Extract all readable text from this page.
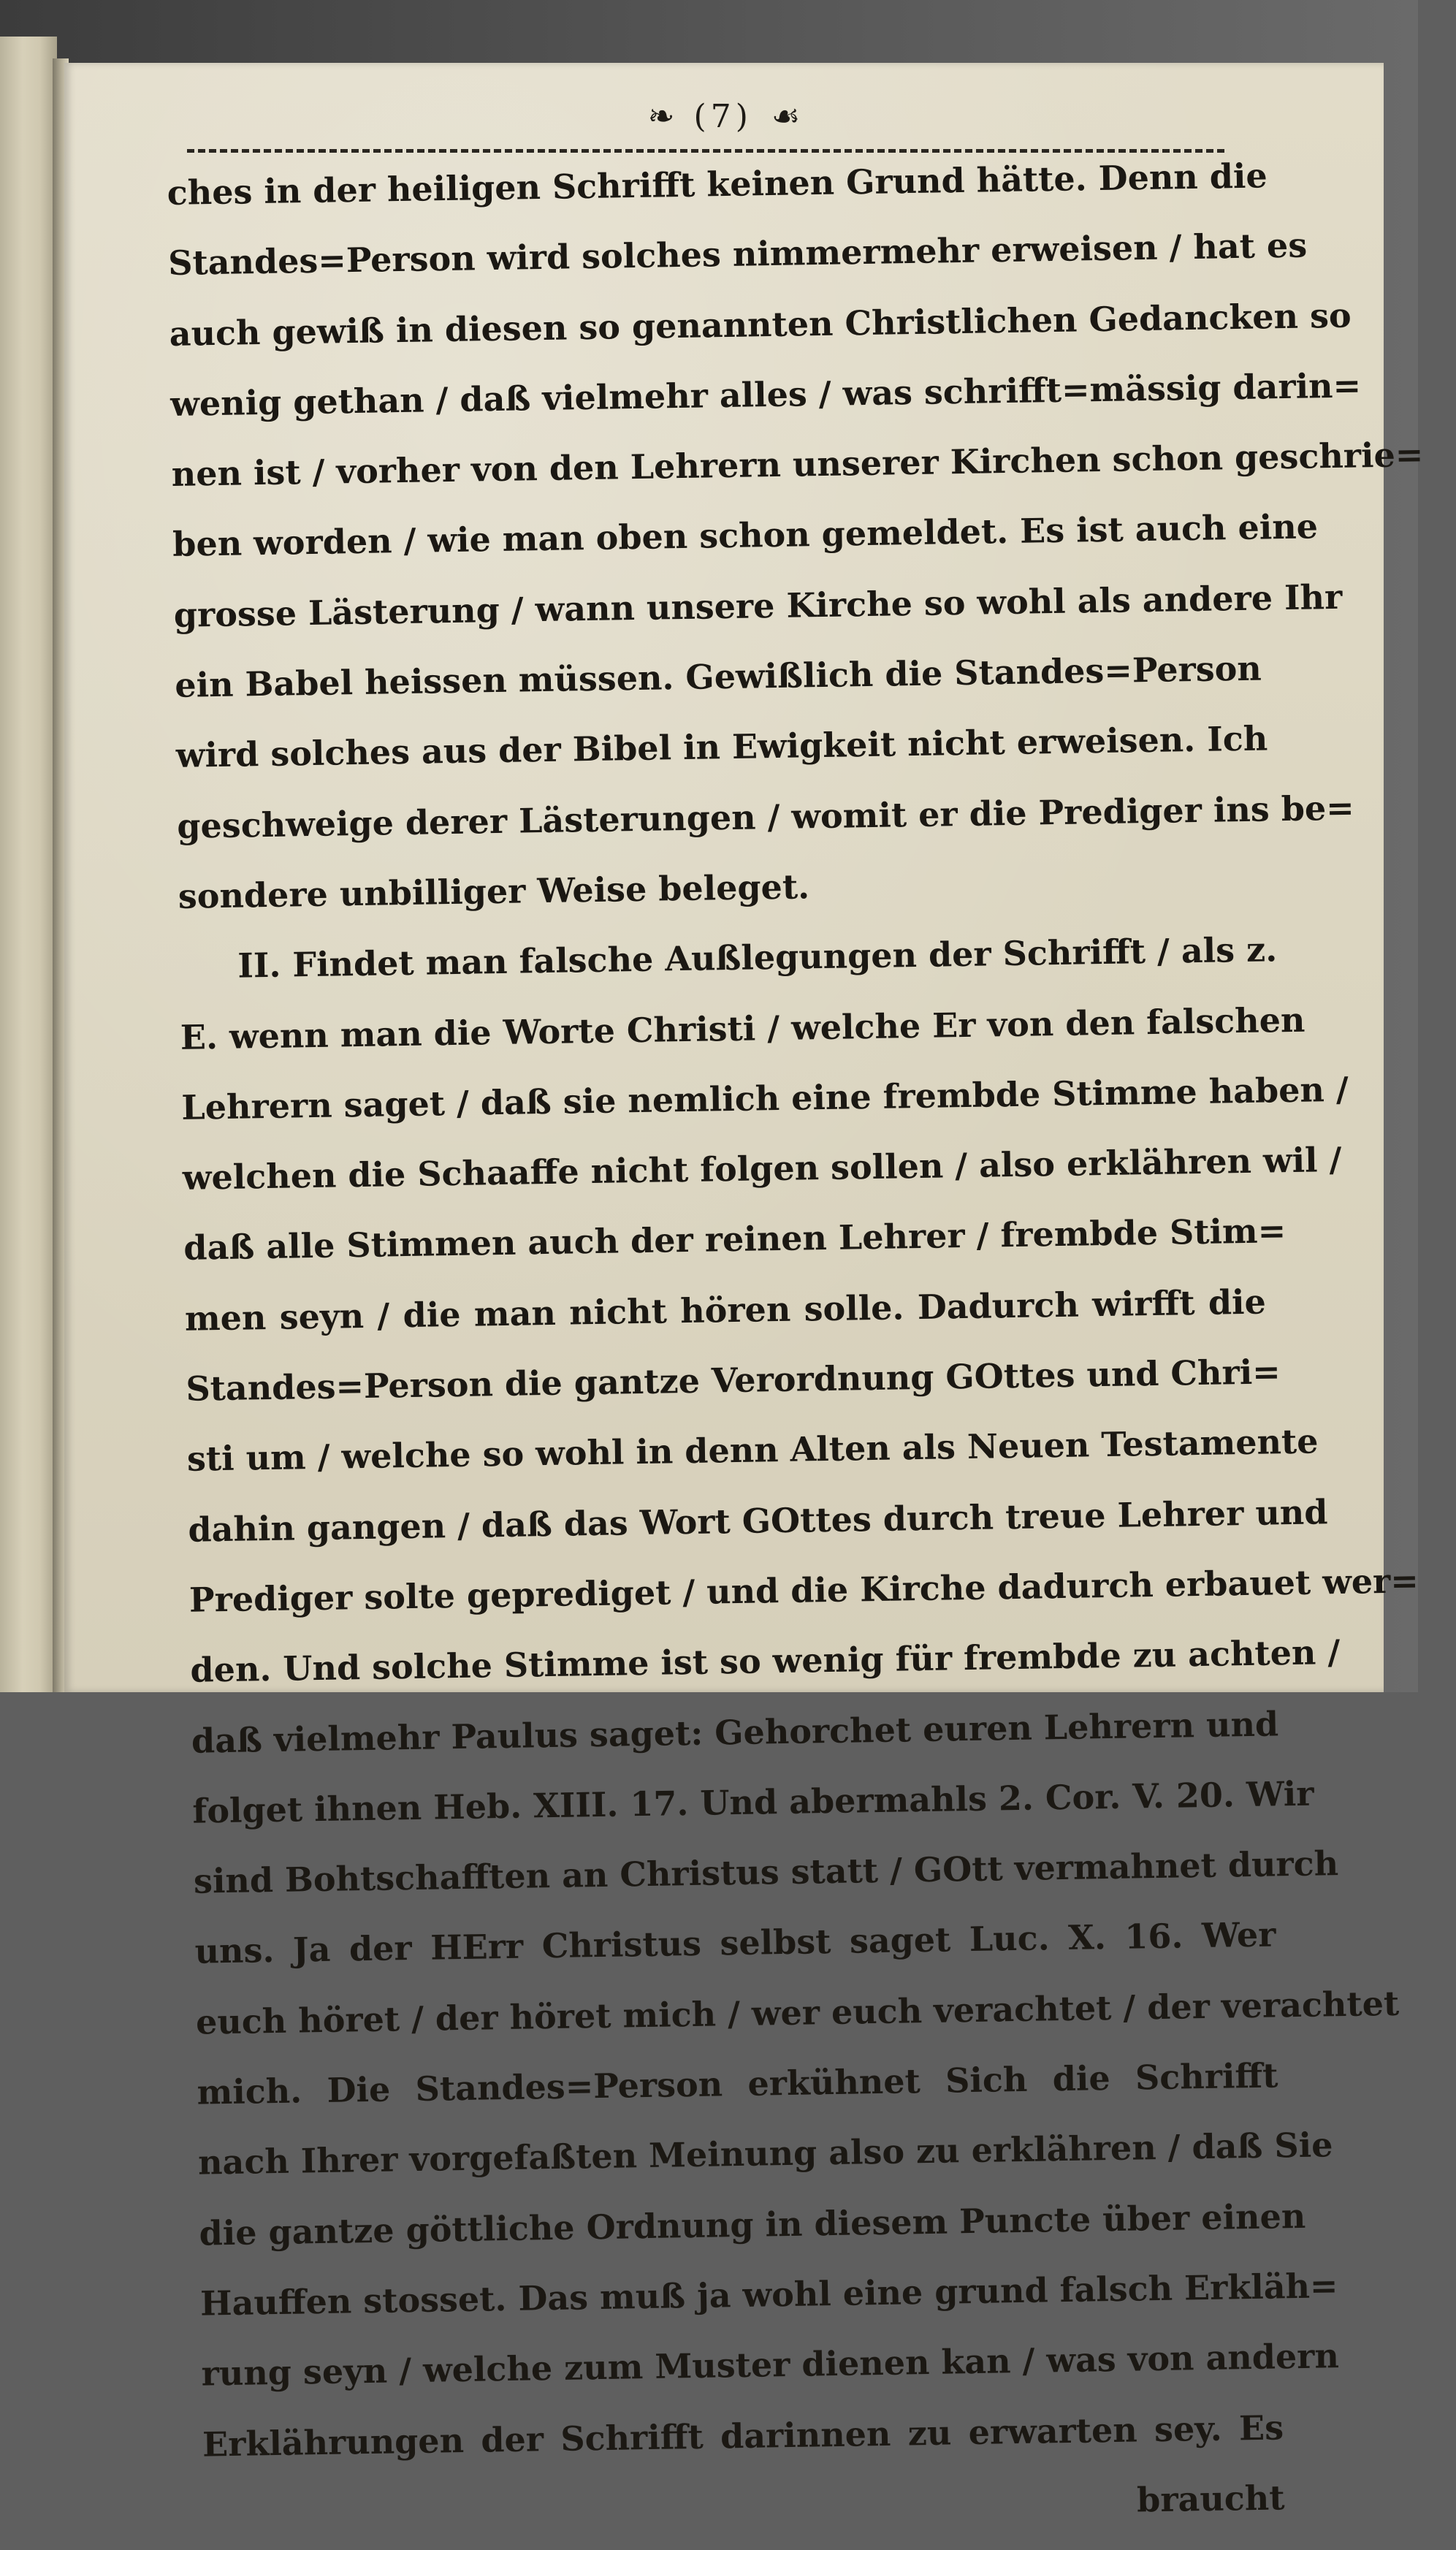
❧ (7) ☙
ches in der heiligen Schrifft keinen Grund hätte. Denn die
Standes=Person wird solches nimmermehr erweisen / hat es
auch gewiß in diesen so genannten Christlichen Gedancken so
wenig gethan / daß vielmehr alles / was schrifft=mässig darin=
nen ist / vorher von den Lehrern unserer Kirchen schon geschrie=
ben worden / wie man oben schon gemeldet. Es ist auch eine
grosse Lästerung / wann unsere Kirche so wohl als andere Ihr
ein Babel heissen müssen. Gewißlich die Standes=Person
wird solches aus der Bibel in Ewigkeit nicht erweisen. Ich
geschweige derer Lästerungen / womit er die Prediger ins be=
sondere unbilliger Weise beleget.
II. Findet man falsche Außlegungen der Schrifft / als z.
E. wenn man die Worte Christi / welche Er von den falschen
Lehrern saget / daß sie nemlich eine frembde Stimme haben /
welchen die Schaaffe nicht folgen sollen / also erklähren wil /
daß alle Stimmen auch der reinen Lehrer / frembde Stim=
men seyn / die man nicht hören solle. Dadurch wirfft die
Standes=Person die gantze Verordnung GOttes und Chri=
sti um / welche so wohl in denn Alten als Neuen Testamente
dahin gangen / daß das Wort GOttes durch treue Lehrer und
Prediger solte geprediget / und die Kirche dadurch erbauet wer=
den. Und solche Stimme ist so wenig für frembde zu achten /
daß vielmehr Paulus saget: Gehorchet euren Lehrern und
folget ihnen Heb. XIII. 17. Und abermahls 2. Cor. V. 20. Wir
sind Bohtschafften an Christus statt / GOtt vermahnet durch
uns. Ja der HErr Christus selbst saget Luc. X. 16. Wer
euch höret / der höret mich / wer euch verachtet / der verachtet
mich. Die Standes=Person erkühnet Sich die Schrifft
nach Ihrer vorgefaßten Meinung also zu erklähren / daß Sie
die gantze göttliche Ordnung in diesem Puncte über einen
Hauffen stosset. Das muß ja wohl eine grund falsch Erkläh=
rung seyn / welche zum Muster dienen kan / was von andern
Erklährungen der Schrifft darinnen zu erwarten sey. Es
braucht
